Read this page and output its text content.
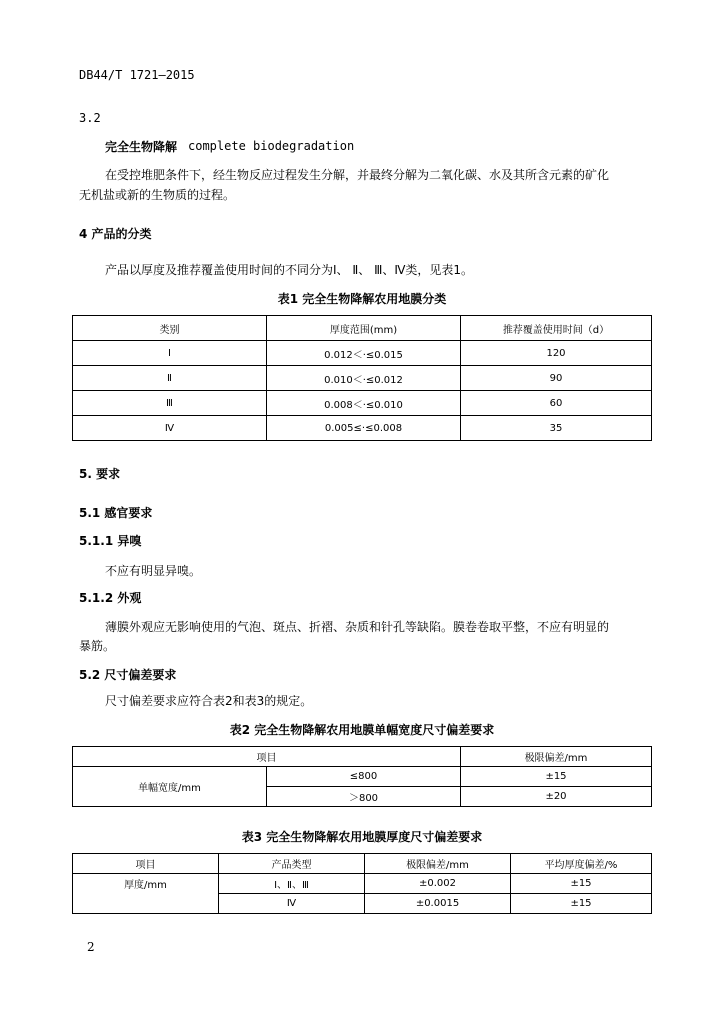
DB44/T 1721—2015
3.2
完全生物降解 complete biodegradation
在受控堆肥条件下，经生物反应过程发生分解，并最终分解为二氧化碳、水及其所含元素的矿化
无机盐或新的生物质的过程。
4 产品的分类
产品以厚度及推荐覆盖使用时间的不同分为Ⅰ、 Ⅱ、 Ⅲ、Ⅳ类，见表1。
表1 完全生物降解农用地膜分类
类别	厚度范围(mm)	推荐覆盖使用时间（d）
Ⅰ	0.012＜·≤0.015	120
Ⅱ	0.010＜·≤0.012	90
Ⅲ	0.008＜·≤0.010	60
Ⅳ	0.005≤·≤0.008	35
5. 要求
5.1 感官要求
5.1.1 异嗅
不应有明显异嗅。
5.1.2 外观
薄膜外观应无影响使用的气泡、斑点、折褶、杂质和针孔等缺陷。膜卷卷取平整，不应有明显的
暴筋。
5.2 尺寸偏差要求
尺寸偏差要求应符合表2和表3的规定。
表2 完全生物降解农用地膜单幅宽度尺寸偏差要求
项目		极限偏差/mm
单幅宽度/mm	≤800	±15
	＞800	±20
表3 完全生物降解农用地膜厚度尺寸偏差要求
项目	产品类型	极限偏差/mm	平均厚度偏差/%
厚度/mm	Ⅰ、Ⅱ、Ⅲ	±0.002	±15
	Ⅳ	±0.0015	±15
2
